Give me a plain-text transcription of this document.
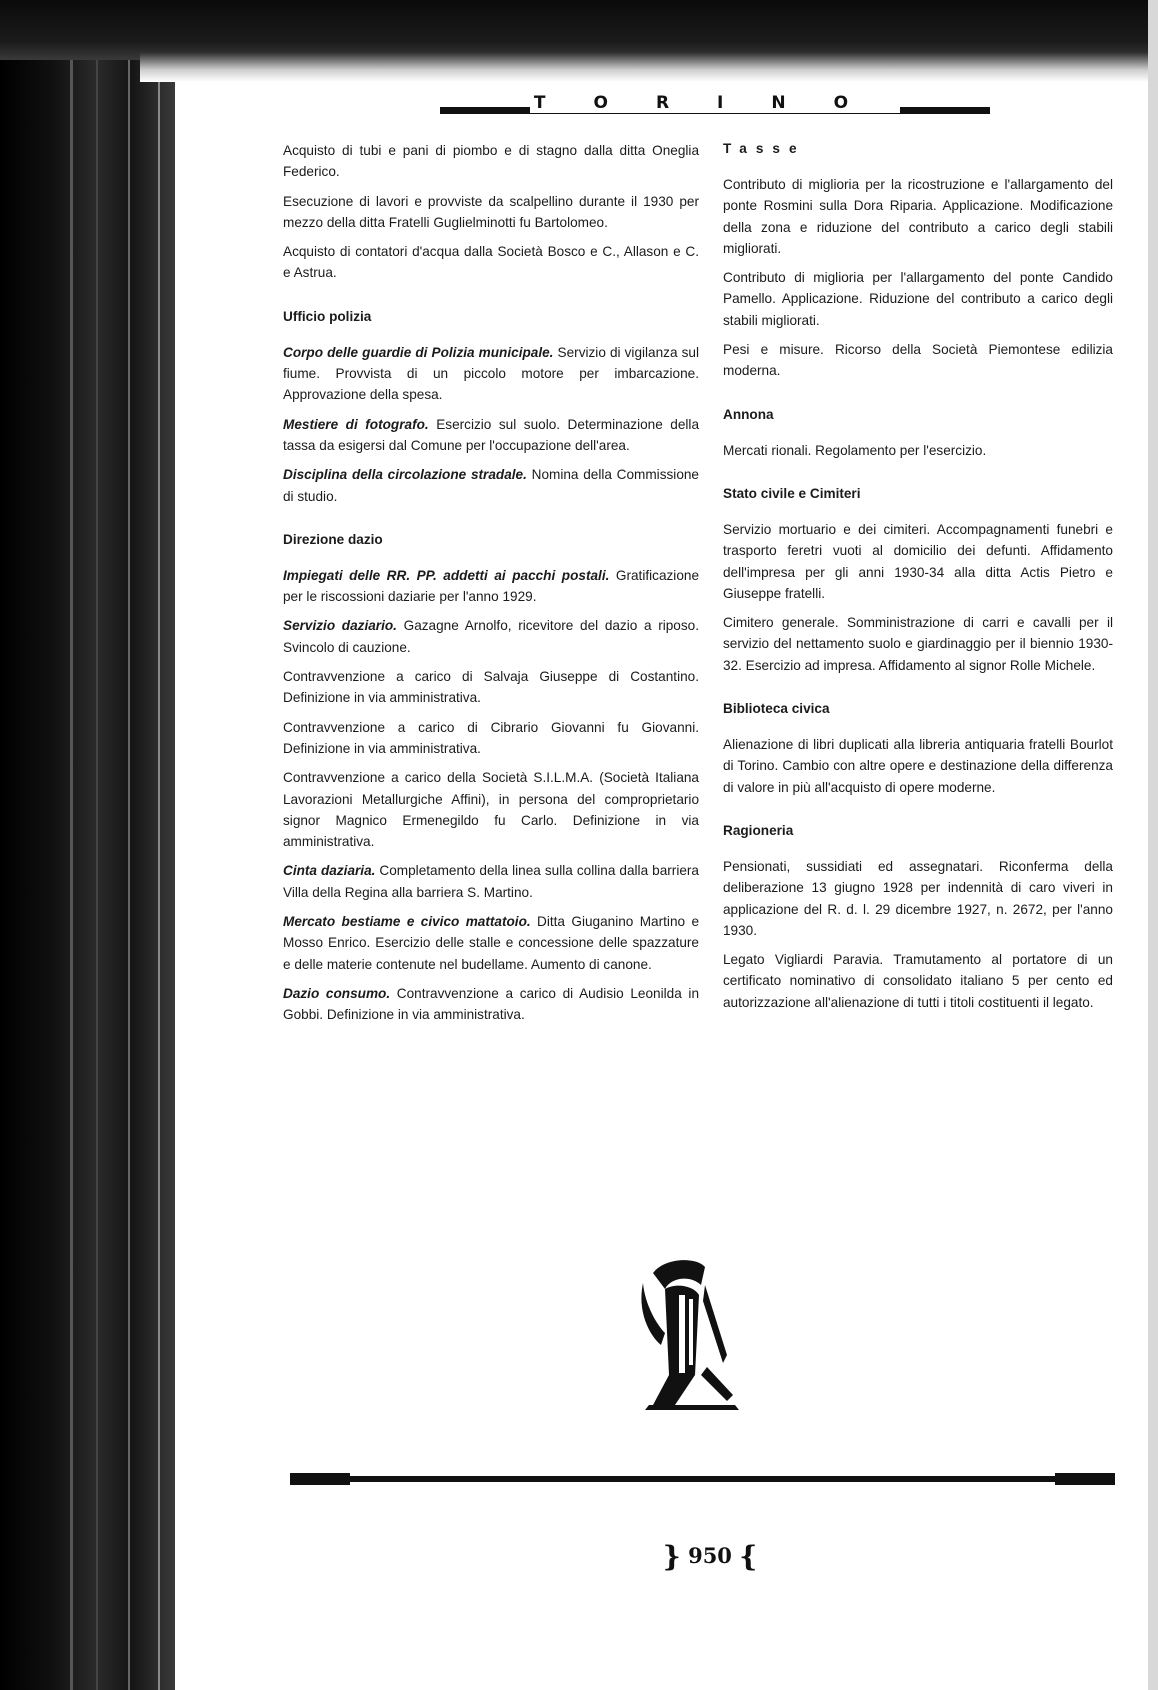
TORINO

Acquisto di tubi e pani di piombo e di stagno dalla ditta Oneglia Federico.

Esecuzione di lavori e provviste da scalpellino durante il 1930 per mezzo della ditta Fratelli Guglielminotti fu Bartolomeo.

Acquisto di contatori d'acqua dalla Società Bosco e C., Allason e C. e Astrua.

Ufficio polizia

Corpo delle guardie di Polizia municipale. Servizio di vigilanza sul fiume. Provvista di un piccolo motore per imbarcazione. Approvazione della spesa.

Mestiere di fotografo. Esercizio sul suolo. Determinazione della tassa da esigersi dal Comune per l'occupazione dell'area.

Disciplina della circolazione stradale. Nomina della Commissione di studio.

Direzione dazio

Impiegati delle RR. PP. addetti ai pacchi postali. Gratificazione per le riscossioni daziarie per l'anno 1929.

Servizio daziario. Gazagne Arnolfo, ricevitore del dazio a riposo. Svincolo di cauzione.

Contravvenzione a carico di Salvaja Giuseppe di Costantino. Definizione in via amministrativa.

Contravvenzione a carico di Cibrario Giovanni fu Giovanni. Definizione in via amministrativa.

Contravvenzione a carico della Società S.I.L.M.A. (Società Italiana Lavorazioni Metallurgiche Affini), in persona del comproprietario signor Magnico Ermenegildo fu Carlo. Definizione in via amministrativa.

Cinta daziaria. Completamento della linea sulla collina dalla barriera Villa della Regina alla barriera S. Martino.

Mercato bestiame e civico mattatoio. Ditta Giuganino Martino e Mosso Enrico. Esercizio delle stalle e concessione delle spazzature e delle materie contenute nel budellame. Aumento di canone.

Dazio consumo. Contravvenzione a carico di Audisio Leonilda in Gobbi. Definizione in via amministrativa.

Tasse

Contributo di miglioria per la ricostruzione e l'allargamento del ponte Rosmini sulla Dora Riparia. Applicazione. Modificazione della zona e riduzione del contributo a carico degli stabili migliorati.

Contributo di miglioria per l'allargamento del ponte Candido Pamello. Applicazione. Riduzione del contributo a carico degli stabili migliorati.

Pesi e misure. Ricorso della Società Piemontese edilizia moderna.

Annona

Mercati rionali. Regolamento per l'esercizio.

Stato civile e Cimiteri

Servizio mortuario e dei cimiteri. Accompagnamenti funebri e trasporto feretri vuoti al domicilio dei defunti. Affidamento dell'impresa per gli anni 1930-34 alla ditta Actis Pietro e Giuseppe fratelli.

Cimitero generale. Somministrazione di carri e cavalli per il servizio del nettamento suolo e giardinaggio per il biennio 1930-32. Esercizio ad impresa. Affidamento al signor Rolle Michele.

Biblioteca civica

Alienazione di libri duplicati alla libreria antiquaria fratelli Bourlot di Torino. Cambio con altre opere e destinazione della differenza di valore in più all'acquisto di opere moderne.

Ragioneria

Pensionati, sussidiati ed assegnatari. Riconferma della deliberazione 13 giugno 1928 per indennità di caro viveri in applicazione del R. d. l. 29 dicembre 1927, n. 2672, per l'anno 1930.

Legato Vigliardi Paravia. Tramutamento al portatore di un certificato nominativo di consolidato italiano 5 per cento ed autorizzazione all'alienazione di tutti i titoli costituenti il legato.

} 950 {
